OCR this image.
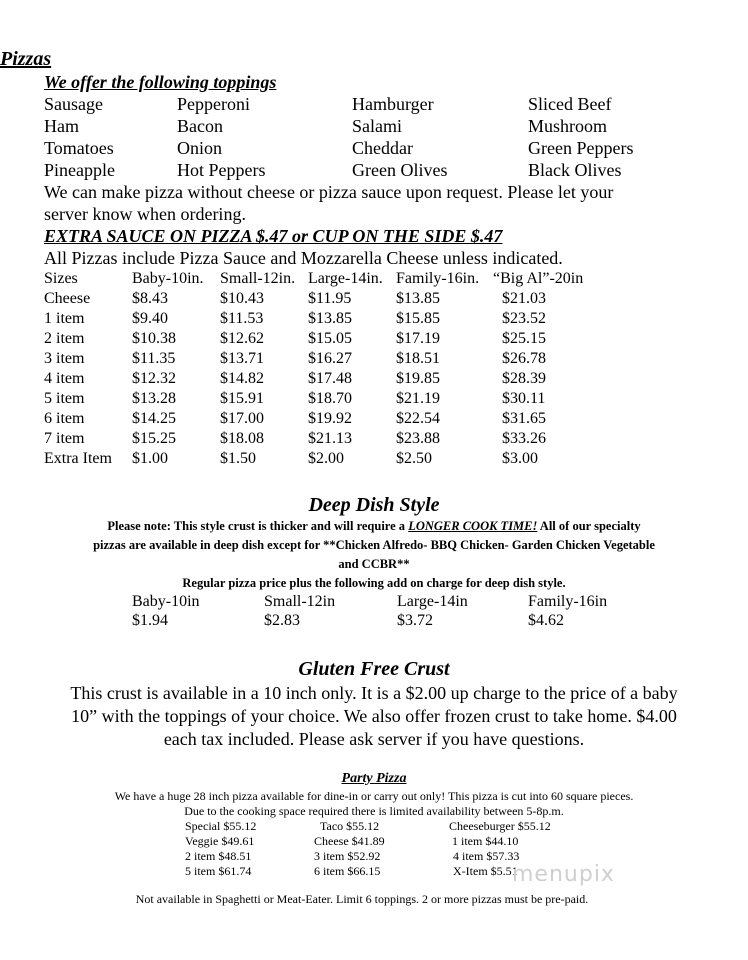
Pizzas
We offer the following toppings
Sausage	Pepperoni	Hamburger	Sliced Beef
Ham	Bacon	Salami	Mushroom
Tomatoes	Onion	Cheddar	Green Peppers
Pineapple	Hot Peppers	Green Olives	Black Olives
We can make pizza without cheese or pizza sauce upon request. Please let your
server know when ordering.
EXTRA SAUCE ON PIZZA $.47 or CUP ON THE SIDE $.47
All Pizzas include Pizza Sauce and Mozzarella Cheese unless indicated.
Sizes	Baby-10in. Small-12in. Large-14in. Family-16in. “Big Al”-20in
Cheese	$8.43	$10.43	$11.95	$13.85	$21.03
1 item	$9.40	$11.53	$13.85	$15.85	$23.52
2 item	$10.38	$12.62	$15.05	$17.19	$25.15
3 item	$11.35	$13.71	$16.27	$18.51	$26.78
4 item	$12.32	$14.82	$17.48	$19.85	$28.39
5 item	$13.28	$15.91	$18.70	$21.19	$30.11
6 item	$14.25	$17.00	$19.92	$22.54	$31.65
7 item	$15.25	$18.08	$21.13	$23.88	$33.26
Extra Item $1.00	$1.50	$2.00	$2.50	$3.00
Deep Dish Style
Please note: This style crust is thicker and will require a LONGER COOK TIME! All of our specialty
pizzas are available in deep dish except for **Chicken Alfredo- BBQ Chicken- Garden Chicken Vegetable
and CCBR**
Regular pizza price plus the following add on charge for deep dish style.
Baby-10in	Small-12in	Large-14in	Family-16in
$1.94	$2.83	$3.72	$4.62
Gluten Free Crust
This crust is available in a 10 inch only. It is a $2.00 up charge to the price of a baby
10” with the toppings of your choice. We also offer frozen crust to take home. $4.00
each tax included. Please ask server if you have questions.
Party Pizza
We have a huge 28 inch pizza available for dine-in or carry out only! This pizza is cut into 60 square pieces.
Due to the cooking space required there is limited availability between 5-8p.m.
Special $55.12	Taco $55.12	Cheeseburger $55.12
Veggie $49.61	Cheese $41.89	1 item $44.10
2 item $48.51	3 item $52.92	4 item $57.33
5 item $61.74	6 item $66.15	X-Item $5.51
menupix
Not available in Spaghetti or Meat-Eater. Limit 6 toppings. 2 or more pizzas must be pre-paid.
